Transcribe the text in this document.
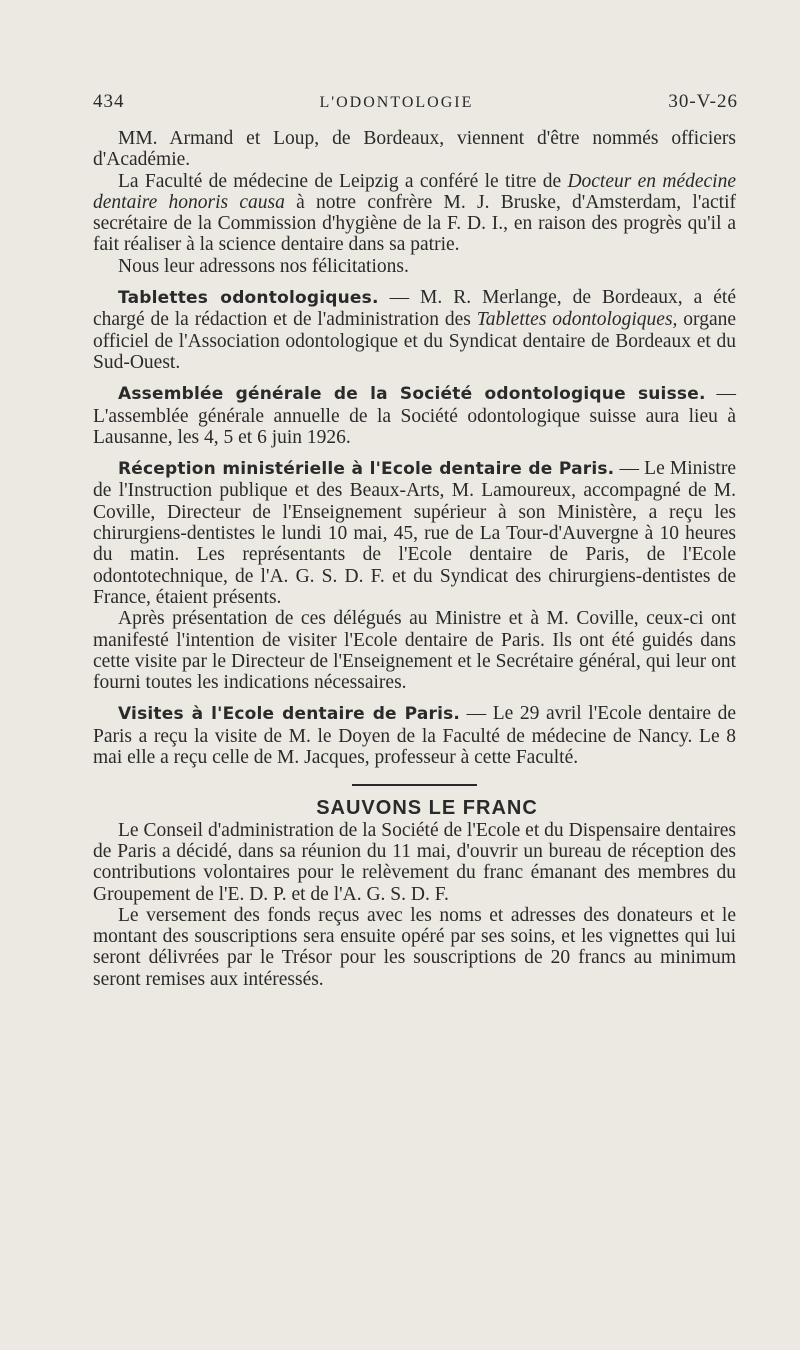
434	L'ODONTOLOGIE	30-V-26

MM. Armand et Loup, de Bordeaux, viennent d'être nommés officiers d'Académie.

La Faculté de médecine de Leipzig a conféré le titre de Docteur en médecine dentaire honoris causa à notre confrère M. J. Bruske, d'Amsterdam, l'actif secrétaire de la Commission d'hygiène de la F. D. I., en raison des progrès qu'il a fait réaliser à la science dentaire dans sa patrie.

Nous leur adressons nos félicitations.

Tablettes odontologiques. — M. R. Merlange, de Bordeaux, a été chargé de la rédaction et de l'administration des Tablettes odontologiques, organe officiel de l'Association odontologique et du Syndicat dentaire de Bordeaux et du Sud-Ouest.

Assemblée générale de la Société odontologique suisse. — L'assemblée générale annuelle de la Société odontologique suisse aura lieu à Lausanne, les 4, 5 et 6 juin 1926.

Réception ministérielle à l'Ecole dentaire de Paris. — Le Ministre de l'Instruction publique et des Beaux-Arts, M. Lamoureux, accompagné de M. Coville, Directeur de l'Enseignement supérieur à son Ministère, a reçu les chirurgiens-dentistes le lundi 10 mai, 45, rue de La Tour-d'Auvergne à 10 heures du matin. Les représentants de l'Ecole dentaire de Paris, de l'Ecole odontotechnique, de l'A. G. S. D. F. et du Syndicat des chirurgiens-dentistes de France, étaient présents.

Après présentation de ces délégués au Ministre et à M. Coville, ceux-ci ont manifesté l'intention de visiter l'Ecole dentaire de Paris. Ils ont été guidés dans cette visite par le Directeur de l'Enseignement et le Secrétaire général, qui leur ont fourni toutes les indications nécessaires.

Visites à l'Ecole dentaire de Paris. — Le 29 avril l'Ecole dentaire de Paris a reçu la visite de M. le Doyen de la Faculté de médecine de Nancy. Le 8 mai elle a reçu celle de M. Jacques, professeur à cette Faculté.

SAUVONS LE FRANC

Le Conseil d'administration de la Société de l'Ecole et du Dispensaire dentaires de Paris a décidé, dans sa réunion du 11 mai, d'ouvrir un bureau de réception des contributions volontaires pour le relèvement du franc émanant des membres du Groupement de l'E. D. P. et de l'A. G. S. D. F.

Le versement des fonds reçus avec les noms et adresses des donateurs et le montant des souscriptions sera ensuite opéré par ses soins, et les vignettes qui lui seront délivrées par le Trésor pour les souscriptions de 20 francs au minimum seront remises aux intéressés.
